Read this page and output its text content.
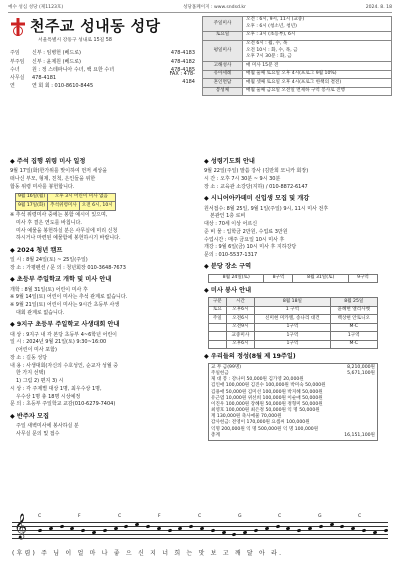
예수 성심 성당 (제1123호)	성당홈페이지 : www.sndsd.kr	2024. 8. 18
천주교 성내동 성당
서울특별시 강동구 성내로 15길 58
주임	신부 : 임병헌 (베드로)	478-4183
부주임	신부 : 윤제원 (베드로)	478-4182
수녀	원 : 정 스테파니아 수녀, 백 요한 수녀	478-4185
사무실	478-4181
FAX : 478-4184
연	연 회 회 : 010-8610-8445
주일미사	오전 : 6시, 9시, 11시 (교중)
오후 : 6시 (청소년, 청년)
토요일	오후 : 3시 (초등부), 6시
평일미사	오전 6시 : 월, 수, 목
오전 10시 : 화, 수, 목, 금
오후 7시 30분 : 화, 금
고해성사	매 미사 15분 전
유아세례	매월 둘째 토요일 오후 4시(프로그 9월 10%)
혼인면담	매월 셋째 토요일 오후 4시(프로그 한책의 결전)
봉성체	매월 둘째 금요일 오전일 면제하 구역 봉사로 진행
◆ 주석 집행 위령 미사 일정

9월 17일(화)한가위를 맞이하여 먼저 세상을

떠나신 부모, 형제, 친척, 은인들을 위한

합동 위령 미사를 봉헌합니다.

9월 16일(월)	오후 3시 어린이 미사 없음	
9월 17일(화)	추석위령미사	오전 6시, 10시

※ 추석 위령미사 중에는 봉함 예시이 있으며,

미사 후 결은 연도를 바칩니다.

미사 예물을 봉헌하실 분은 사무실에 미리 신청

하시거나 마련된 예물함에 봉헌하시기 바랍니다.

◆ 2024 청년 캠프

일 시 : 8월 24일(토) ~ 25일(주일)

장 소 : 가평펜션 / 문 의 : 청년회장 010-3648-7673

◆ 초등부 주일학교 개학 및 미사 안내

개학 : 8월 31일(토) 어린이 미사 후

※ 9월 14일(토) 어린이 미사는 추석 관계로 없습니다.

※ 9월 21일(토) 어린이 미사는 9시간 초등부 사생

대회 관계로 없습니다.

◆ 9지구 초등부 주일학교 사생대회 안내

대 상 : 9지구 내 각 본당 초등부 4~6학년 어린이

일 시 : 2024년 9월 21일(토) 9:30~16:00

(어린이 미사 포함)

장 소 : 길동 성당

내 용 : 사생대회(자신의 수호성인, 순교자 성월 중

한 가지 선택)

1) 그림 2) 편지 3) 시

시 상 : 각 주제별 대상 1명, 최우수상 1명,

우수상 1명 총 18명 시상예정

문 의 : 초등부 주일학교 교감(010-6279-7404)

◆ 반주자 모집

주일 새벽미사에 봉사하실 분

사무실 문의 및 접수

◆ 성령기도회 안내

9월 22일(주일) 말씀 강사 (김만희 모니카 회장)

시 간 : 오후 7시 30분 ~ 9시 30분

장 소 : 교육관 소강당(지하) / 010-8872-6147

◆ 시니어아카데미 신입생 모집 및 개강

원서접수: 8월 25일, 9월 1일(주일) 9시, 11시 미사 전후

본관인 1층 로비

대상 : 70세 이상 어르신

준 비 물 : 입학금 2만원, 수업료 3만원

수업시간 : 매주 금요일 10시 미사 후

개강 : 9월 6일(금) 10시 미사 후 지하강당

문의 : 010-5537-1317

◆ 분당 장소 구역
8월 24일(토)	8구역	8월 31일(토)	9구역
◆ 미사 봉사 안내
구분	시간	8월 18일	8월 25일
토요	오후6시	1 구역	윤혜현 엘리사벳
주일	오전6시	신미현 미카엘, 송나리 대건	백상현 안토니오
	오전9시	1구역	M·C
	교중미사	1구역	1구역
	오후6시	1구역	M·C
◆ 우리들의 정성(8월 제 19주일)
교 무 금(99명)	8,210,000원
주일헌금	5,671,100원
제 대 봉 : 강나미 50,000원 김가영 20,000원
김인애 100,000원 김진수 100,000원 박미숙 50,000원
김용애 50,000원 김미선 100,000원 박지혜 50,000원
유근엽 10,000원 위선희 100,000원 이순애 50,000원
이진우 100,000원 장혜원 50,000원 정형미 50,000원
최영호 100,000원 최은정 50,000원 익 명 50,000원
계 130,000원 축사예물 70,000원
감사헌금: 전영이 170,000원 요셉씨 100,000원
익명 200,000원 익 명 500,000원 익 명 100,000원
총계	16,151,100원
𝄞 C	F	C	F	C	G	C	G	C
(후렴) 주 님 이 얼 마 나 좋 으 신 지 너 희 는 맛 보 고 깨 달 아 라.
